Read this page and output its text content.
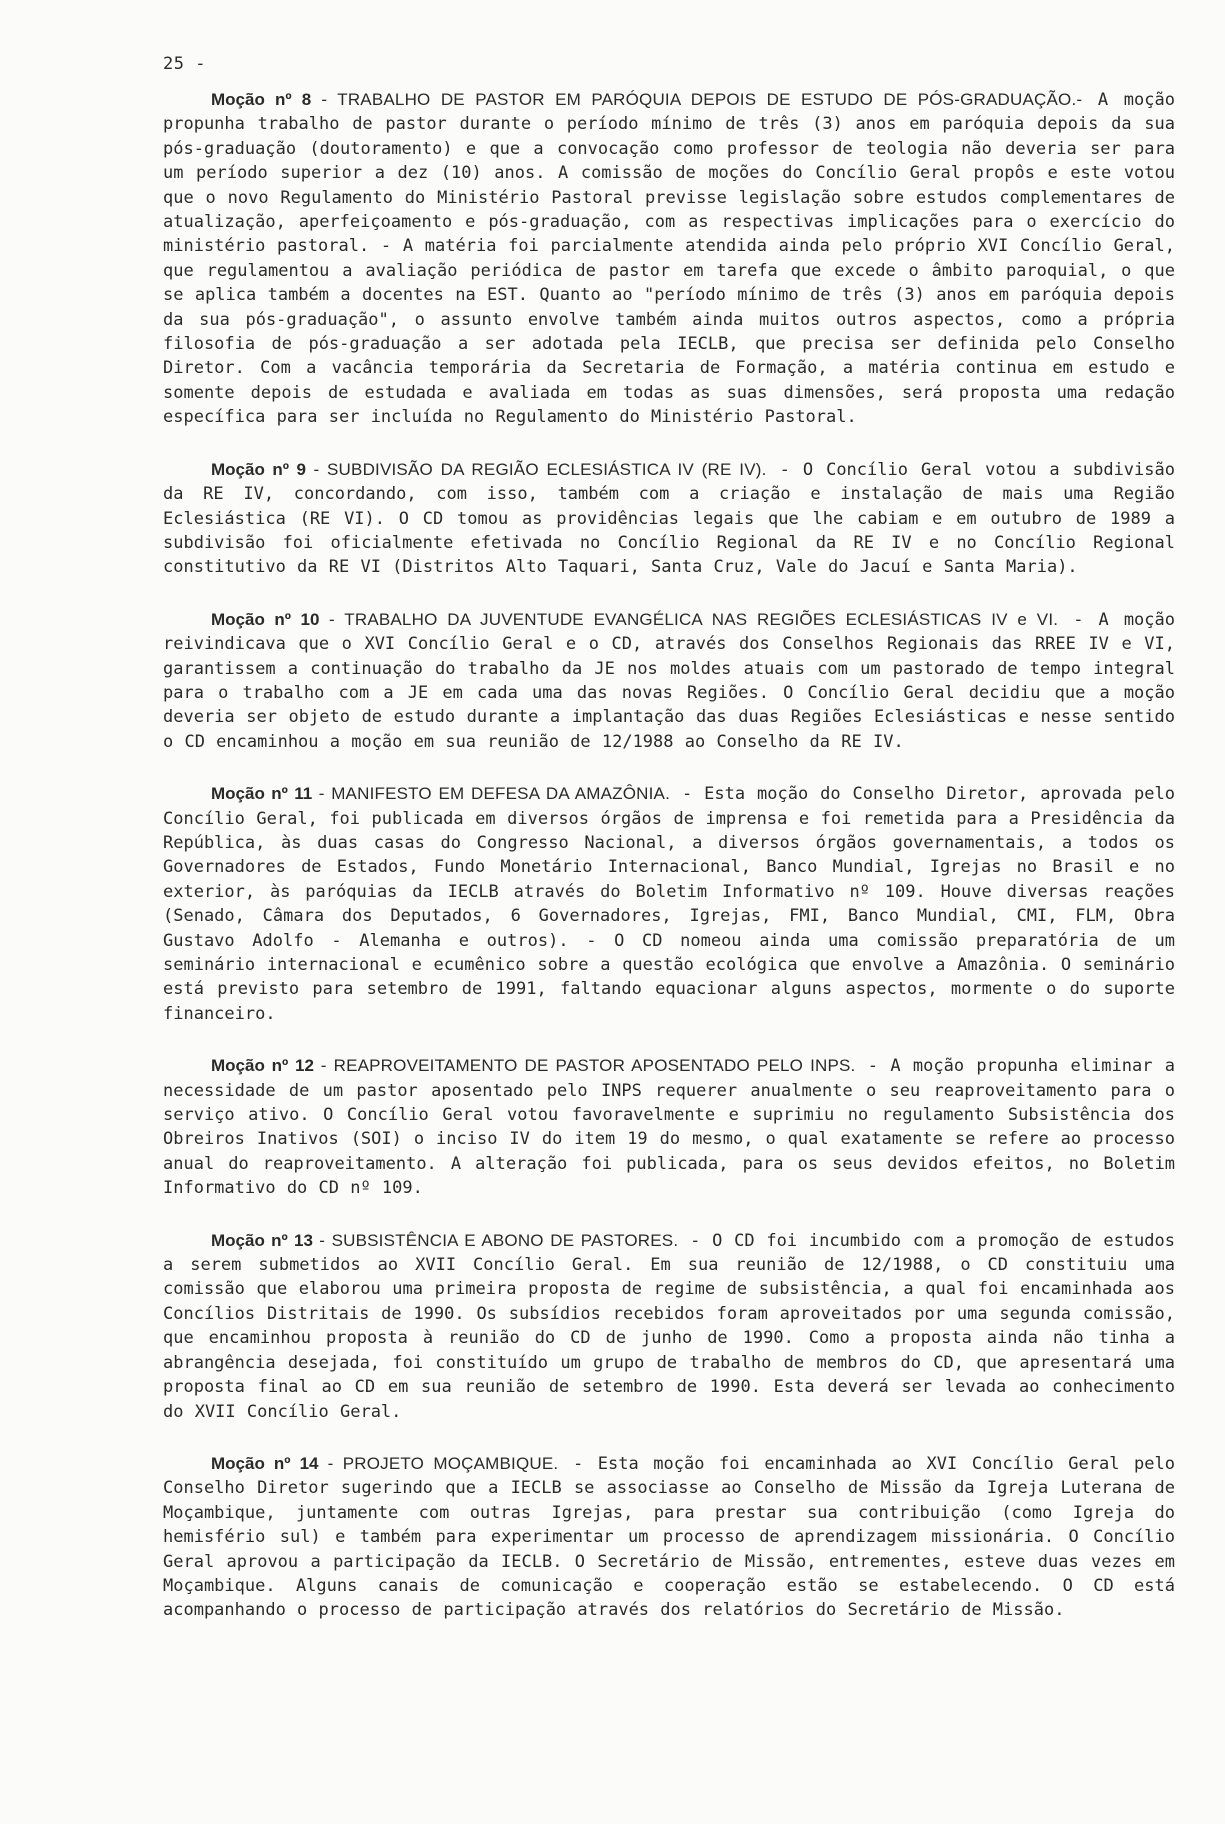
25 -

Moção nº 8 - TRABALHO DE PASTOR EM PARÓQUIA DEPOIS DE ESTUDO DE PÓS-GRADUAÇÃO.- A moção propunha trabalho de pastor durante o período mínimo de três (3) anos em paróquia depois da sua pós-graduação (doutoramento) e que a convocação como professor de teologia não deveria ser para um período superior a dez (10) anos. A comissão de moções do Concílio Geral propôs e este votou que o novo Regulamento do Ministério Pastoral previsse legislação sobre estudos complementares de atualização, aperfeiçoamento e pós-graduação, com as respectivas implicações para o exercício do ministério pastoral. - A matéria foi parcialmente atendida ainda pelo próprio XVI Concílio Geral, que regulamentou a avaliação periódica de pastor em tarefa que excede o âmbito paroquial, o que se aplica também a docentes na EST. Quanto ao "período mínimo de três (3) anos em paróquia depois da sua pós-graduação", o assunto envolve também ainda muitos outros aspectos, como a própria filosofia de pós-graduação a ser adotada pela IECLB, que precisa ser definida pelo Conselho Diretor. Com a vacância temporária da Secretaria de Formação, a matéria continua em estudo e somente depois de estudada e avaliada em todas as suas dimensões, será proposta uma redação específica para ser incluída no Regulamento do Ministério Pastoral.

Moção nº 9 - SUBDIVISÃO DA REGIÃO ECLESIÁSTICA IV (RE IV). - O Concílio Geral votou a subdivisão da RE IV, concordando, com isso, também com a criação e instalação de mais uma Região Eclesiástica (RE VI). O CD tomou as providências legais que lhe cabiam e em outubro de 1989 a subdivisão foi oficialmente efetivada no Concílio Regional da RE IV e no Concílio Regional constitutivo da RE VI (Distritos Alto Taquari, Santa Cruz, Vale do Jacuí e Santa Maria).

Moção nº 10 - TRABALHO DA JUVENTUDE EVANGÉLICA NAS REGIÕES ECLESIÁSTICAS IV e VI. - A moção reivindicava que o XVI Concílio Geral e o CD, através dos Conselhos Regionais das RREE IV e VI, garantissem a continuação do trabalho da JE nos moldes atuais com um pastorado de tempo integral para o trabalho com a JE em cada uma das novas Regiões. O Concílio Geral decidiu que a moção deveria ser objeto de estudo durante a implantação das duas Regiões Eclesiásticas e nesse sentido o CD encaminhou a moção em sua reunião de 12/1988 ao Conselho da RE IV.

Moção nº 11 - MANIFESTO EM DEFESA DA AMAZÔNIA. - Esta moção do Conselho Diretor, aprovada pelo Concílio Geral, foi publicada em diversos órgãos de imprensa e foi remetida para a Presidência da República, às duas casas do Congresso Nacional, a diversos órgãos governamentais, a todos os Governadores de Estados, Fundo Monetário Internacional, Banco Mundial, Igrejas no Brasil e no exterior, às paróquias da IECLB através do Boletim Informativo nº 109. Houve diversas reações (Senado, Câmara dos Deputados, 6 Governadores, Igrejas, FMI, Banco Mundial, CMI, FLM, Obra Gustavo Adolfo - Alemanha e outros). - O CD nomeou ainda uma comissão preparatória de um seminário internacional e ecumênico sobre a questão ecológica que envolve a Amazônia. O seminário está previsto para setembro de 1991, faltando equacionar alguns aspectos, mormente o do suporte financeiro.

Moção nº 12 - REAPROVEITAMENTO DE PASTOR APOSENTADO PELO INPS. - A moção propunha eliminar a necessidade de um pastor aposentado pelo INPS requerer anualmente o seu reaproveitamento para o serviço ativo. O Concílio Geral votou favoravelmente e suprimiu no regulamento Subsistência dos Obreiros Inativos (SOI) o inciso IV do item 19 do mesmo, o qual exatamente se refere ao processo anual do reaproveitamento. A alteração foi publicada, para os seus devidos efeitos, no Boletim Informativo do CD nº 109.

Moção nº 13 - SUBSISTÊNCIA E ABONO DE PASTORES. - O CD foi incumbido com a promoção de estudos a serem submetidos ao XVII Concílio Geral. Em sua reunião de 12/1988, o CD constituiu uma comissão que elaborou uma primeira proposta de regime de subsistência, a qual foi encaminhada aos Concílios Distritais de 1990. Os subsídios recebidos foram aproveitados por uma segunda comissão, que encaminhou proposta à reunião do CD de junho de 1990. Como a proposta ainda não tinha a abrangência desejada, foi constituído um grupo de trabalho de membros do CD, que apresentará uma proposta final ao CD em sua reunião de setembro de 1990. Esta deverá ser levada ao conhecimento do XVII Concílio Geral.

Moção nº 14 - PROJETO MOÇAMBIQUE. - Esta moção foi encaminhada ao XVI Concílio Geral pelo Conselho Diretor sugerindo que a IECLB se associasse ao Conselho de Missão da Igreja Luterana de Moçambique, juntamente com outras Igrejas, para prestar sua contribuição (como Igreja do hemisfério sul) e também para experimentar um processo de aprendizagem missionária. O Concílio Geral aprovou a participação da IECLB. O Secretário de Missão, entrementes, esteve duas vezes em Moçambique. Alguns canais de comunicação e cooperação estão se estabelecendo. O CD está acompanhando o processo de participação através dos relatórios do Secretário de Missão.
